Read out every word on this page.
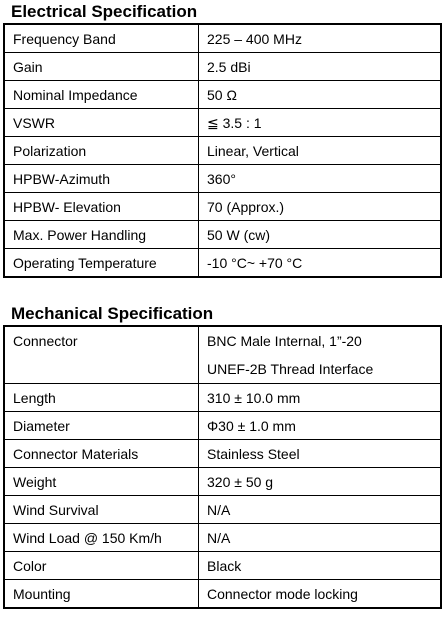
Electrical Specification
Frequency Band	225 – 400 MHz
Gain	2.5 dBi
Nominal Impedance	50 Ω
VSWR	≦ 3.5 : 1
Polarization	Linear, Vertical
HPBW-Azimuth	360°
HPBW- Elevation	70 (Approx.)
Max. Power Handling	50 W (cw)
Operating Temperature	-10 °C~ +70 °C
Mechanical Specification
Connector	BNC Male Internal, 1”-20
UNEF-2B Thread Interface

Length	310 ± 10.0 mm
Diameter	Φ30 ± 1.0 mm
Connector Materials	Stainless Steel
Weight	320 ± 50 g
Wind Survival	N/A
Wind Load @ 150 Km/h	N/A
Color	Black
Mounting	Connector mode locking
